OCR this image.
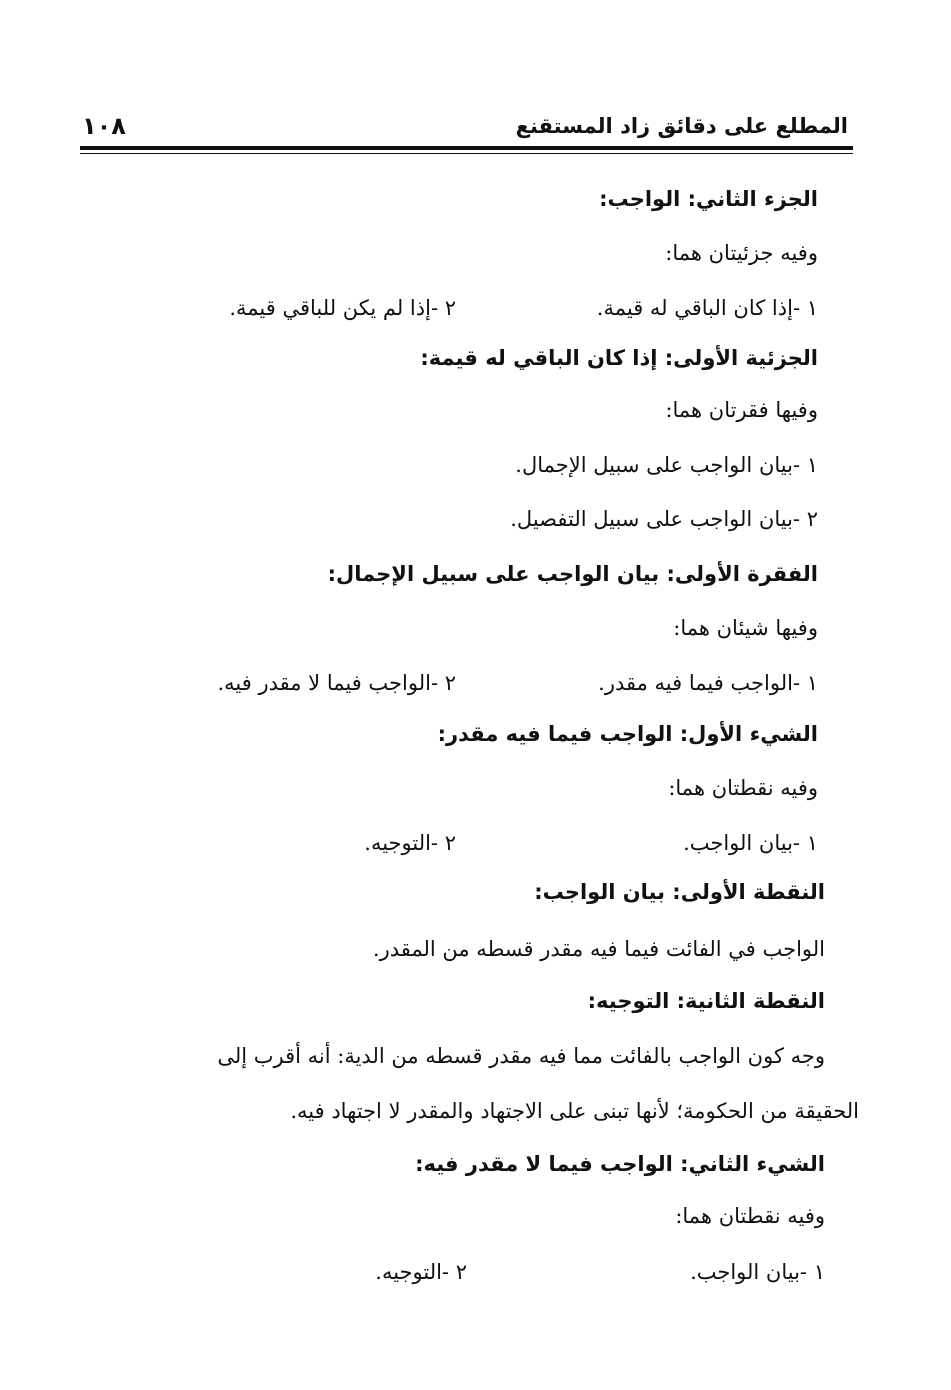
المطلع على دقائق زاد المستقنع
١٠٨
الجزء الثاني: الواجب:
وفيه جزئيتان هما:
١ -إذا كان الباقي له قيمة.
٢ -إذا لم يكن للباقي قيمة.
الجزئية الأولى: إذا كان الباقي له قيمة:
وفيها فقرتان هما:
١ -بيان الواجب على سبيل الإجمال.
٢ -بيان الواجب على سبيل التفصيل.
الفقرة الأولى: بيان الواجب على سبيل الإجمال:
وفيها شيئان هما:
١ -الواجب فيما فيه مقدر.
٢ -الواجب فيما لا مقدر فيه.
الشيء الأول: الواجب فيما فيه مقدر:
وفيه نقطتان هما:
١ -بيان الواجب.
٢ -التوجيه.
النقطة الأولى: بيان الواجب:
الواجب في الفائت فيما فيه مقدر قسطه من المقدر.
النقطة الثانية: التوجيه:
وجه كون الواجب بالفائت مما فيه مقدر قسطه من الدية: أنه أقرب إلى
الحقيقة من الحكومة؛ لأنها تبنى على الاجتهاد والمقدر لا اجتهاد فيه.
الشيء الثاني: الواجب فيما لا مقدر فيه:
وفيه نقطتان هما:
١ -بيان الواجب.
٢ -التوجيه.
